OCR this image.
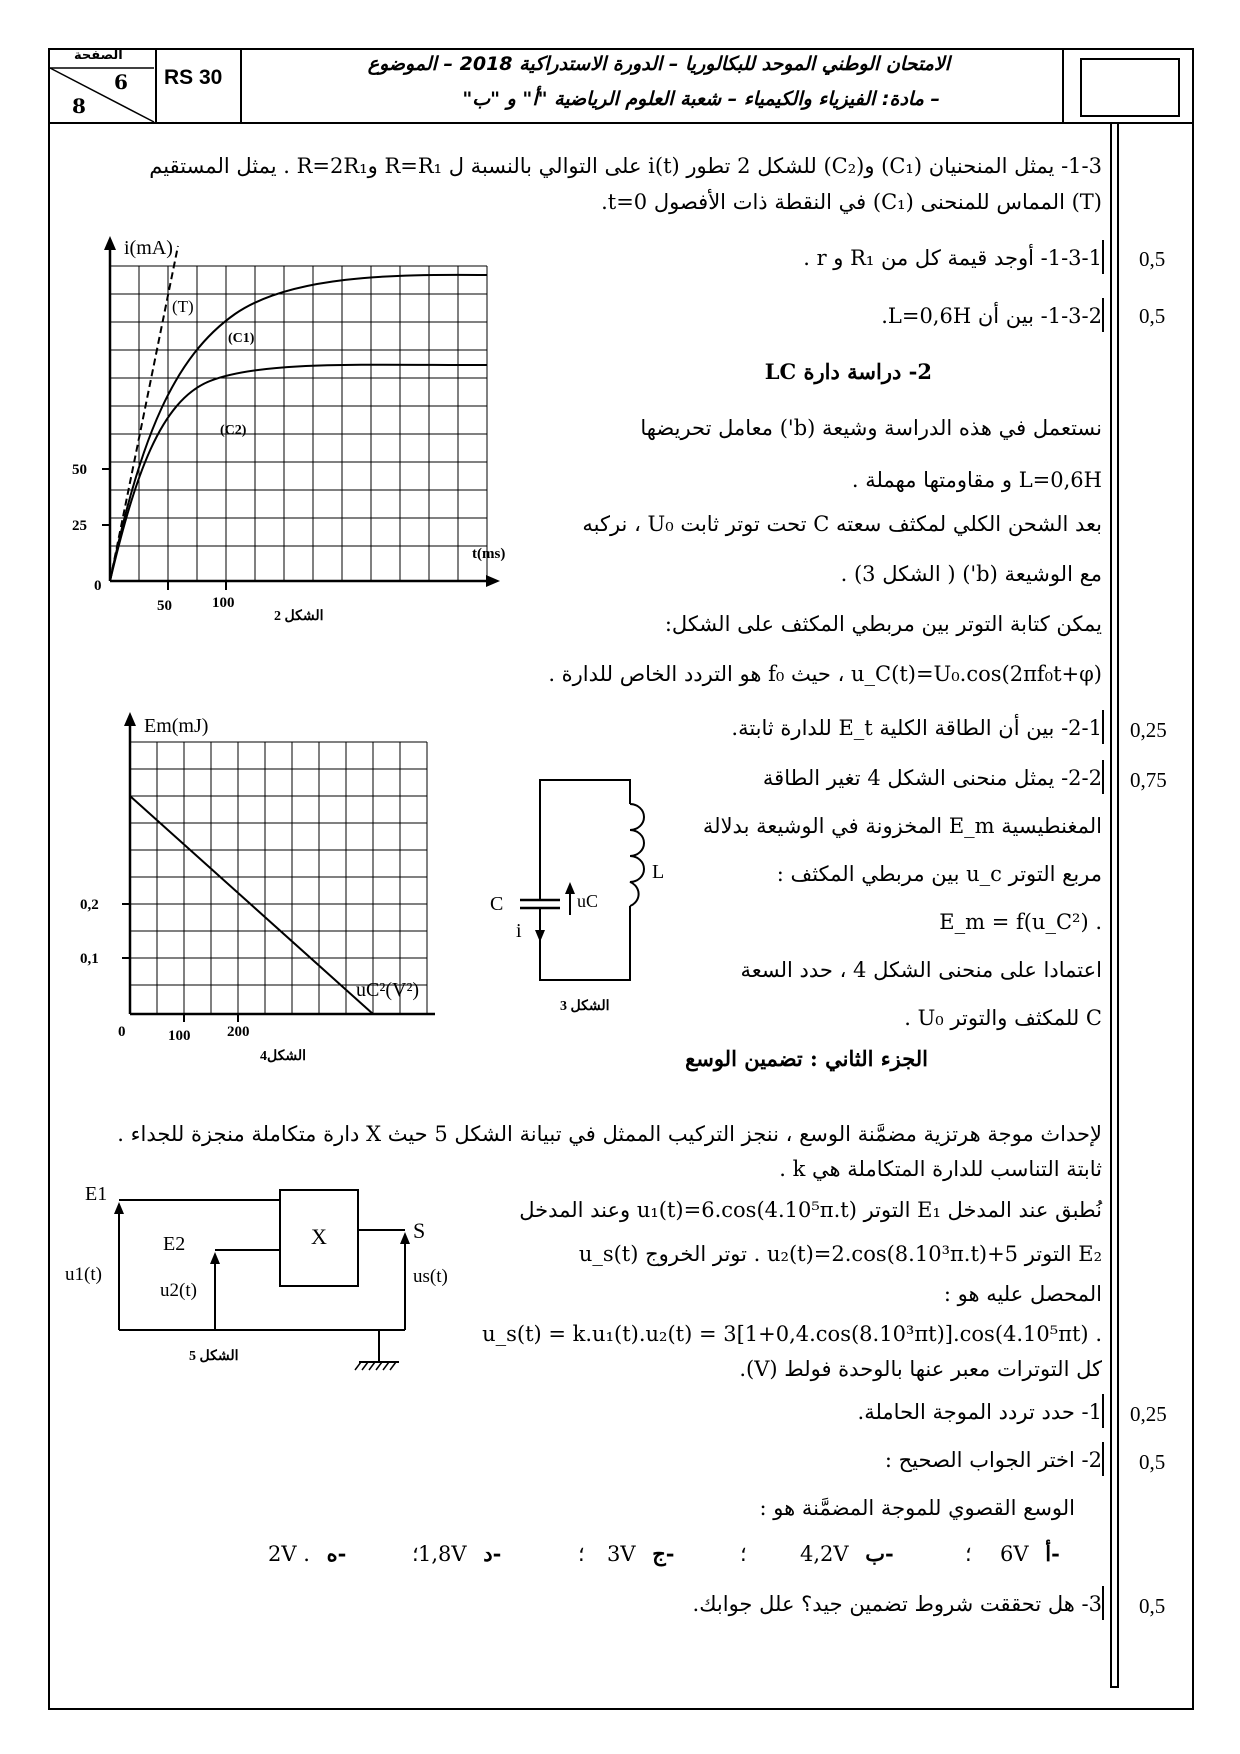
الصفحة
6
8
RS 30
الامتحان الوطني الموحد للبكالوريا – الدورة الاستدراكية 2018 – الموضوع
– مادة: الفيزياء والكيمياء – شعبة العلوم الرياضية "أ" و "ب"
1-3- يمثل المنحنيان (C₁) و(C₂) للشكل 2 تطور i(t) على التوالي بالنسبة ل R=R₁ وR=2R₁ . يمثل المستقيم
(T) المماس للمنحنى (C₁) في النقطة ذات الأفصول t=0.
1-3-1- أوجد قيمة كل من R₁ و r . 0,5
1-3-2- بين أن L=0,6H. 0,5
i(mA)
(T)
(C1)
(C2)
t(ms)
0
25
50
50	100
الشكل 2
2- دراسة دارة LC
نستعمل في هذه الدراسة وشيعة (b') معامل تحريضها
L=0,6H و مقاومتها مهملة .
بعد الشحن الكلي لمكثف سعته C تحت توتر ثابت U₀ ، نركبه
مع الوشيعة (b') ( الشكل 3) .
يمكن كتابة التوتر بين مربطي المكثف على الشكل:
u_C(t)=U₀.cos(2πf₀t+φ) ، حيث f₀ هو التردد الخاص للدارة .
2-1- بين أن الطاقة الكلية E_t للدارة ثابتة. 0,25
2-2- يمثل منحنى الشكل 4 تغير الطاقة 0,75
المغنطيسية E_m المخزونة في الوشيعة بدلالة
مربع التوتر u_c بين مربطي المكثف :
. E_m = f(u_C²)
اعتمادا على منحنى الشكل 4 ، حدد السعة
C للمكثف والتوتر U₀ .
Em(mJ)
uC²(V²)
0,1
0,2
0	100 200
الشكل4
C	uC
L
i
الشكل 3
الجزء الثاني : تضمين الوسع
لإحداث موجة هرتزية مضمَّنة الوسع ، ننجز التركيب الممثل في تبيانة الشكل 5 حيث X دارة متكاملة منجزة للجداء .
ثابتة التناسب للدارة المتكاملة هي k .
نُطبق عند المدخل E₁ التوتر u₁(t)=6.cos(4.10⁵π.t) وعند المدخل
E₂ التوتر u₂(t)=2.cos(8.10³π.t)+5 . توتر الخروج u_s(t)
المحصل عليه هو :
. u_s(t) = k.u₁(t).u₂(t) = 3[1+0,4.cos(8.10³πt)].cos(4.10⁵πt)
كل التوترات معبر عنها بالوحدة فولط (V).
1- حدد تردد الموجة الحاملة. 0,25
2- اختر الجواب الصحيح : 0,5
الوسع القصوي للموجة المضمَّنة هو :
6V أ-
؛
4,2V ب-
؛
3V ج-
؛
1,8V د-
؛
2V . ه-
3- هل تحققت شروط تضمين جيد؟ علل جوابك. 0,5
E1
E2	X	S
u1(t)
u2(t)
us(t)
الشكل 5
